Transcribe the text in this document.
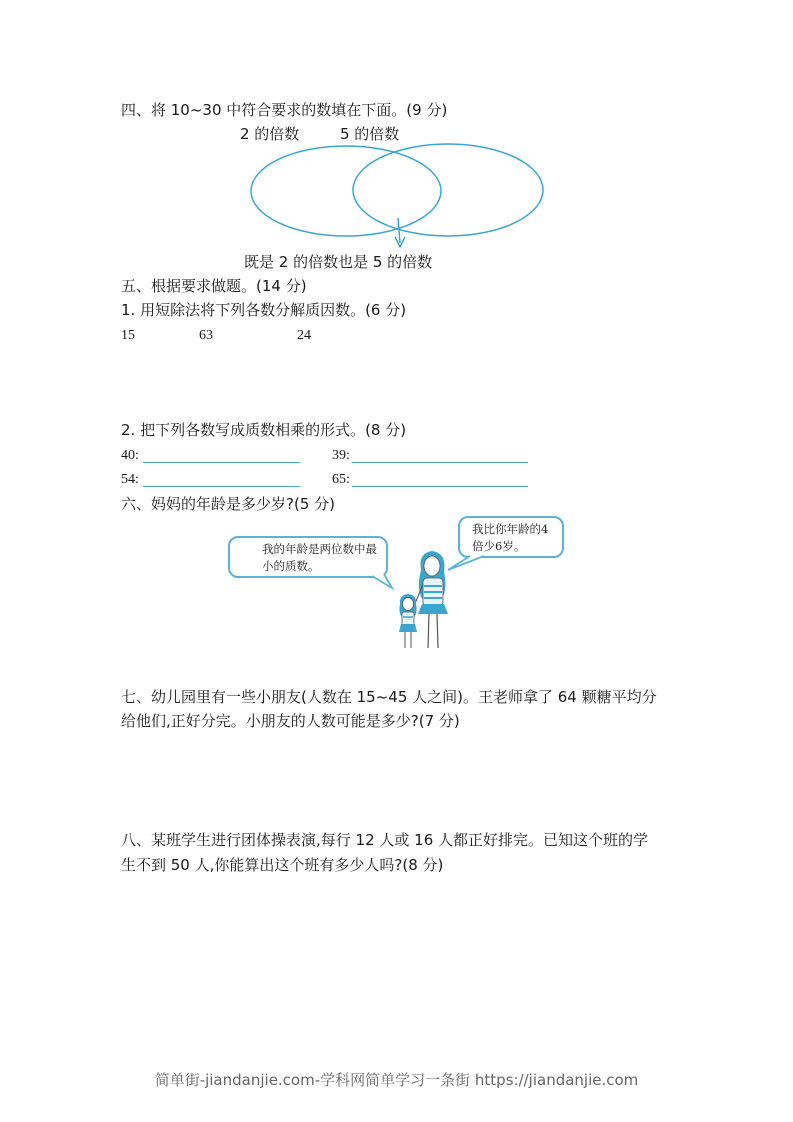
四、将 10~30 中符合要求的数填在下面。(9 分)
2 的倍数	5 的倍数
既是 2 的倍数也是 5 的倍数
五、根据要求做题。(14 分)
1. 用短除法将下列各数分解质因数。(6 分)
15	63	24
2. 把下列各数写成质数相乘的形式。(8 分)
40:	39:
54:	65:
六、妈妈的年龄是多少岁?(5 分)
我的年龄是两位数中最小的质数。
我比你年龄的4倍少6岁。
七、幼儿园里有一些小朋友(人数在 15~45 人之间)。王老师拿了 64 颗糖平均分
给他们,正好分完。小朋友的人数可能是多少?(7 分)
八、某班学生进行团体操表演,每行 12 人或 16 人都正好排完。已知这个班的学
生不到 50 人,你能算出这个班有多少人吗?(8 分)
简单街-jiandanjie.com-学科网简单学习一条街 https://jiandanjie.com
